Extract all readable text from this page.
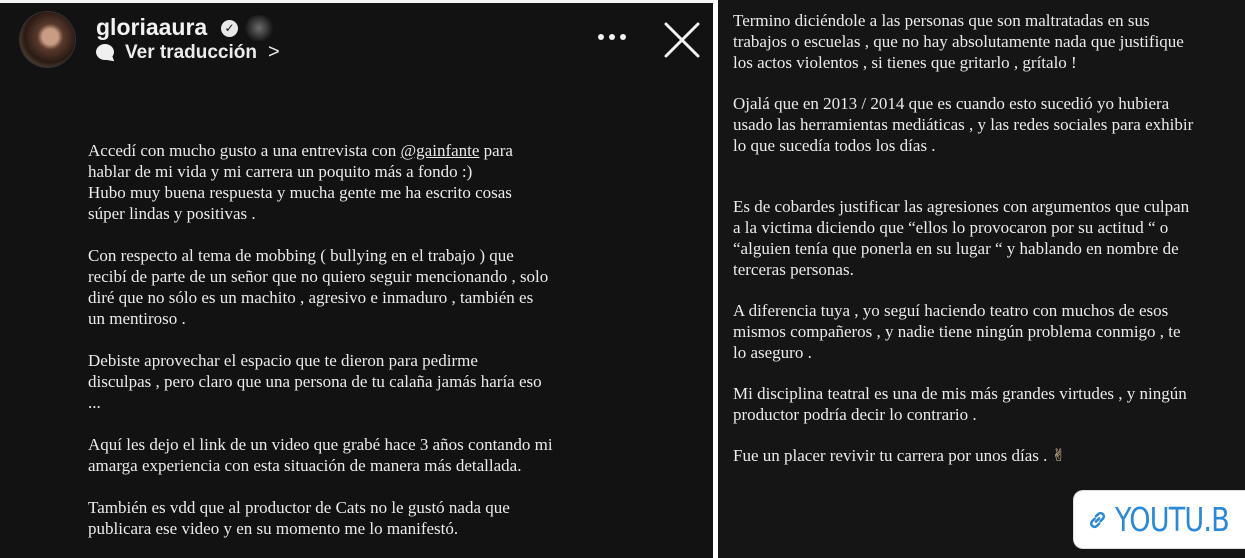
gloriaaura ✓
Ver traducción >

Accedí con mucho gusto a una entrevista con @gainfante para
hablar de mi vida y mi carrera un poquito más a fondo :)
Hubo muy buena respuesta y mucha gente me ha escrito cosas
súper lindas y positivas .

Con respecto al tema de mobbing ( bullying en el trabajo ) que
recibí de parte de un señor que no quiero seguir mencionando , solo
diré que no sólo es un machito , agresivo e inmaduro , también es
un mentiroso .

Debiste aprovechar el espacio que te dieron para pedirme
disculpas , pero claro que una persona de tu calaña jamás haría eso
...

Aquí les dejo el link de un video que grabé hace 3 años contando mi
amarga experiencia con esta situación de manera más detallada.

También es vdd que al productor de Cats no le gustó nada que
publicara ese video y en su momento me lo manifestó.

Termino diciéndole a las personas que son maltratadas en sus
trabajos o escuelas , que no hay absolutamente nada que justifique
los actos violentos , si tienes que gritarlo , grítalo !

Ojalá que en 2013 / 2014 que es cuando esto sucedió yo hubiera
usado las herramientas mediáticas , y las redes sociales para exhibir
lo que sucedía todos los días .

Es de cobardes justificar las agresiones con argumentos que culpan
a la victima diciendo que “ellos lo provocaron por su actitud “ o
“alguien tenía que ponerla en su lugar “ y hablando en nombre de
terceras personas.

A diferencia tuya , yo seguí haciendo teatro con muchos de esos
mismos compañeros , y nadie tiene ningún problema conmigo , te
lo aseguro .

Mi disciplina teatral es una de mis más grandes virtudes , y ningún
productor podría decir lo contrario .

Fue un placer revivir tu carrera por unos días . ✌

YOUTU.B
